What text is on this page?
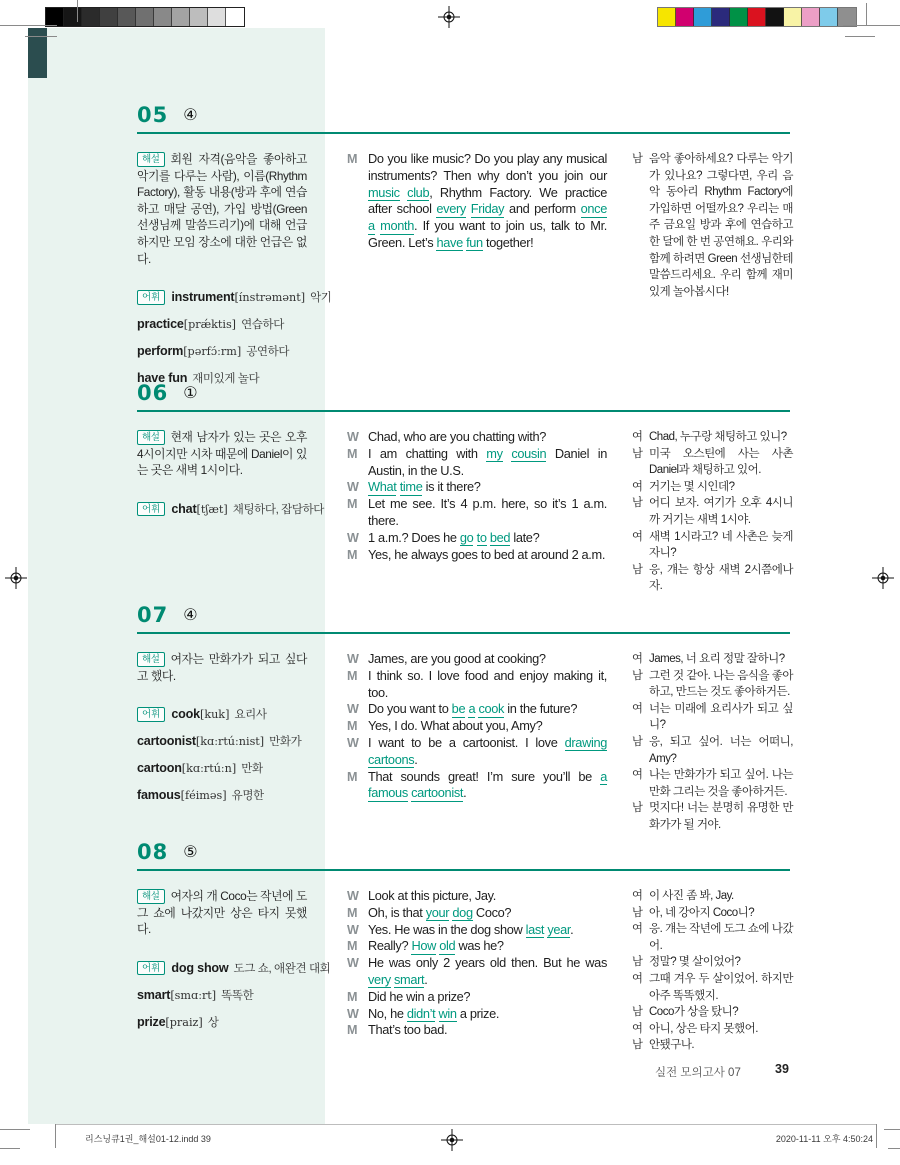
05 ④

해설 회원 자격(음악을 좋아하고 악기를 다루는 사람), 이름(Rhythm Factory), 활동 내용(방과 후에 연습하고 매달 공연), 가입 방법(Green 선생님께 말씀드리기)에 대해 언급하지만 모임 장소에 대한 언급은 없다.

어휘 instrument[ínstrəmənt] 악기
practice[prǽktis] 연습하다
perform[pərfɔ́ːrm] 공연하다
have fun 재미있게 놀다
M Do you like music? Do you play any musical instruments? Then why don’t you join our music club, Rhythm Factory. We practice after school every Friday and perform once a month. If you want to join us, talk to Mr. Green. Let’s have fun together!
남 음악 좋아하세요? 다루는 악기가 있나요? 그렇다면, 우리 음악 동아리 Rhythm Factory에 가입하면 어떨까요? 우리는 매주 금요일 방과 후에 연습하고 한 달에 한 번 공연해요. 우리와 함께 하려면 Green 선생님한테 말씀드리세요. 우리 함께 재미있게 놀아봅시다!
06 ①

해설 현재 남자가 있는 곳은 오후 4시이지만 시차 때문에 Daniel이 있는 곳은 새벽 1시이다.

어휘 chat[tʃæt] 채팅하다, 잡담하다
W Chad, who are you chatting with?
M I am chatting with my cousin Daniel in Austin, in the U.S.
W What time is it there?
M Let me see. It’s 4 p.m. here, so it’s 1 a.m. there.
W 1 a.m.? Does he go to bed late?
M Yes, he always goes to bed at around 2 a.m.
여 Chad, 누구랑 채팅하고 있니?
남 미국 오스틴에 사는 사촌 Daniel과 채팅하고 있어.
여 거기는 몇 시인데?
남 어디 보자. 여기가 오후 4시니까 거기는 새벽 1시야.
여 새벽 1시라고? 네 사촌은 늦게 자니?
남 응, 걔는 항상 새벽 2시쯤에나 자.
07 ④

해설 여자는 만화가가 되고 싶다고 했다.

어휘 cook[kuk] 요리사
cartoonist[kɑːrtúːnist] 만화가
cartoon[kɑːrtúːn] 만화
famous[féiməs] 유명한
W James, are you good at cooking?
M I think so. I love food and enjoy making it, too.
W Do you want to be a cook in the future?
M Yes, I do. What about you, Amy?
W I want to be a cartoonist. I love drawing cartoons.
M That sounds great! I’m sure you’ll be a famous cartoonist.
여 James, 너 요리 정말 잘하니?
남 그런 것 같아. 나는 음식을 좋아하고, 만드는 것도 좋아하거든.
여 너는 미래에 요리사가 되고 싶니?
남 응, 되고 싶어. 너는 어떠니, Amy?
여 나는 만화가가 되고 싶어. 나는 만화 그리는 것을 좋아하거든.
남 멋지다! 너는 분명히 유명한 만화가가 될 거야.
08 ⑤

해설 여자의 개 Coco는 작년에 도그 쇼에 나갔지만 상은 타지 못했다.

어휘 dog show 도그 쇼, 애완견 대회
smart[smɑːrt] 똑똑한
prize[praiz] 상
W Look at this picture, Jay.
M Oh, is that your dog Coco?
W Yes. He was in the dog show last year.
M Really? How old was he?
W He was only 2 years old then. But he was very smart.
M Did he win a prize?
W No, he didn’t win a prize.
M That’s too bad.
여 이 사진 좀 봐, Jay.
남 아, 네 강아지 Coco니?
여 응. 걔는 작년에 도그 쇼에 나갔어.
남 정말? 몇 살이었어?
여 그때 겨우 두 살이었어. 하지만 아주 똑똑했지.
남 Coco가 상을 탔니?
여 아니, 상은 타지 못했어.
남 안됐구나.
실전 모의고사 07	39
리스닝큐1권_해설01-12.indd 39	2020-11-11 오후 4:50:24
